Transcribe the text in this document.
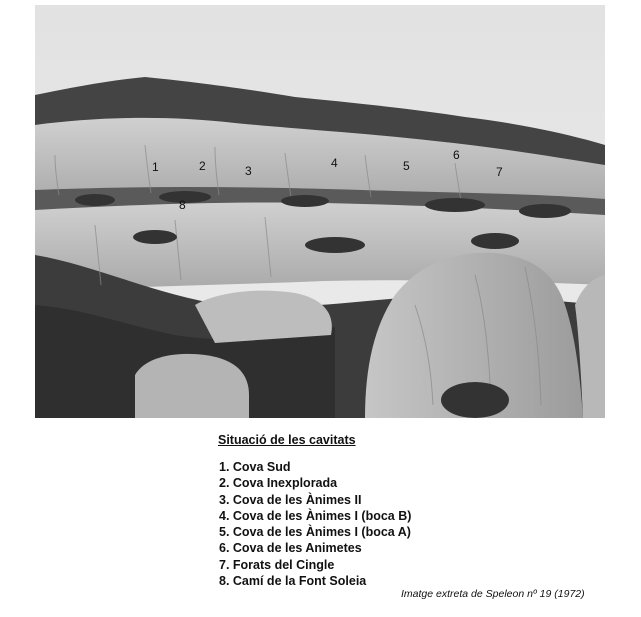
1	2	3
4	5
6
7
8
Situació de les cavitats
1. Cova Sud
2. Cova Inexplorada
3. Cova de les Ànimes II
4. Cova de les Ànimes I (boca B)
5. Cova de les Ànimes I (boca A)
6. Cova de les Animetes
7. Forats del Cingle
8. Camí de la Font Soleia
Imatge extreta de Speleon nº 19 (1972)
